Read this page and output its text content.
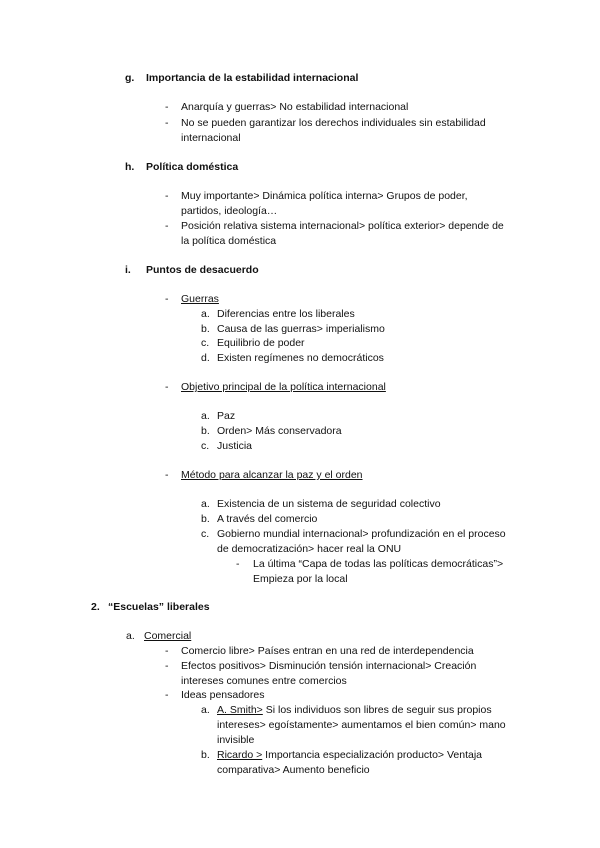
g. Importancia de la estabilidad internacional
- Anarquía y guerras> No estabilidad internacional
- No se pueden garantizar los derechos individuales sin estabilidad
internacional
h. Política doméstica
- Muy importante> Dinámica política interna> Grupos de poder,
partidos, ideología…
- Posición relativa sistema internacional> política exterior> depende de
la política doméstica
i. Puntos de desacuerdo
- Guerras
a. Diferencias entre los liberales
b. Causa de las guerras> imperialismo
c. Equilibrio de poder
d. Existen regímenes no democráticos
- Objetivo principal de la política internacional
a. Paz
b. Orden> Más conservadora
c. Justicia
- Método para alcanzar la paz y el orden
a. Existencia de un sistema de seguridad colectivo
b. A través del comercio
c. Gobierno mundial internacional> profundización en el proceso
de democratización> hacer real la ONU
- La última “Capa de todas las políticas democráticas”>
Empieza por la local
2. “Escuelas” liberales
a. Comercial
- Comercio libre> Países entran en una red de interdependencia
- Efectos positivos> Disminución tensión internacional> Creación
intereses comunes entre comercios
- Ideas pensadores
a. A. Smith> Si los individuos son libres de seguir sus propios
intereses> egoístamente> aumentamos el bien común> mano
invisible
b. Ricardo > Importancia especialización producto> Ventaja
comparativa> Aumento beneficio
